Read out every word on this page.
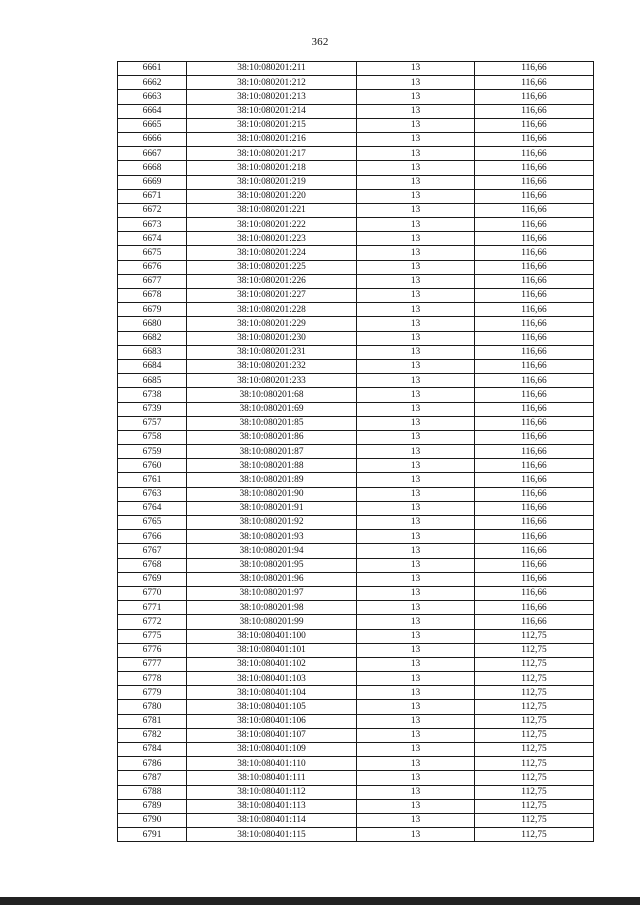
362
6661	38:10:080201:211	13	116,66
6662	38:10:080201:212	13	116,66
6663	38:10:080201:213	13	116,66
6664	38:10:080201:214	13	116,66
6665	38:10:080201:215	13	116,66
6666	38:10:080201:216	13	116,66
6667	38:10:080201:217	13	116,66
6668	38:10:080201:218	13	116,66
6669	38:10:080201:219	13	116,66
6671	38:10:080201:220	13	116,66
6672	38:10:080201:221	13	116,66
6673	38:10:080201:222	13	116,66
6674	38:10:080201:223	13	116,66
6675	38:10:080201:224	13	116,66
6676	38:10:080201:225	13	116,66
6677	38:10:080201:226	13	116,66
6678	38:10:080201:227	13	116,66
6679	38:10:080201:228	13	116,66
6680	38:10:080201:229	13	116,66
6682	38:10:080201:230	13	116,66
6683	38:10:080201:231	13	116,66
6684	38:10:080201:232	13	116,66
6685	38:10:080201:233	13	116,66
6738	38:10:080201:68	13	116,66
6739	38:10:080201:69	13	116,66
6757	38:10:080201:85	13	116,66
6758	38:10:080201:86	13	116,66
6759	38:10:080201:87	13	116,66
6760	38:10:080201:88	13	116,66
6761	38:10:080201:89	13	116,66
6763	38:10:080201:90	13	116,66
6764	38:10:080201:91	13	116,66
6765	38:10:080201:92	13	116,66
6766	38:10:080201:93	13	116,66
6767	38:10:080201:94	13	116,66
6768	38:10:080201:95	13	116,66
6769	38:10:080201:96	13	116,66
6770	38:10:080201:97	13	116,66
6771	38:10:080201:98	13	116,66
6772	38:10:080201:99	13	116,66
6775	38:10:080401:100	13	112,75
6776	38:10:080401:101	13	112,75
6777	38:10:080401:102	13	112,75
6778	38:10:080401:103	13	112,75
6779	38:10:080401:104	13	112,75
6780	38:10:080401:105	13	112,75
6781	38:10:080401:106	13	112,75
6782	38:10:080401:107	13	112,75
6784	38:10:080401:109	13	112,75
6786	38:10:080401:110	13	112,75
6787	38:10:080401:111	13	112,75
6788	38:10:080401:112	13	112,75
6789	38:10:080401:113	13	112,75
6790	38:10:080401:114	13	112,75
6791	38:10:080401:115	13	112,75
